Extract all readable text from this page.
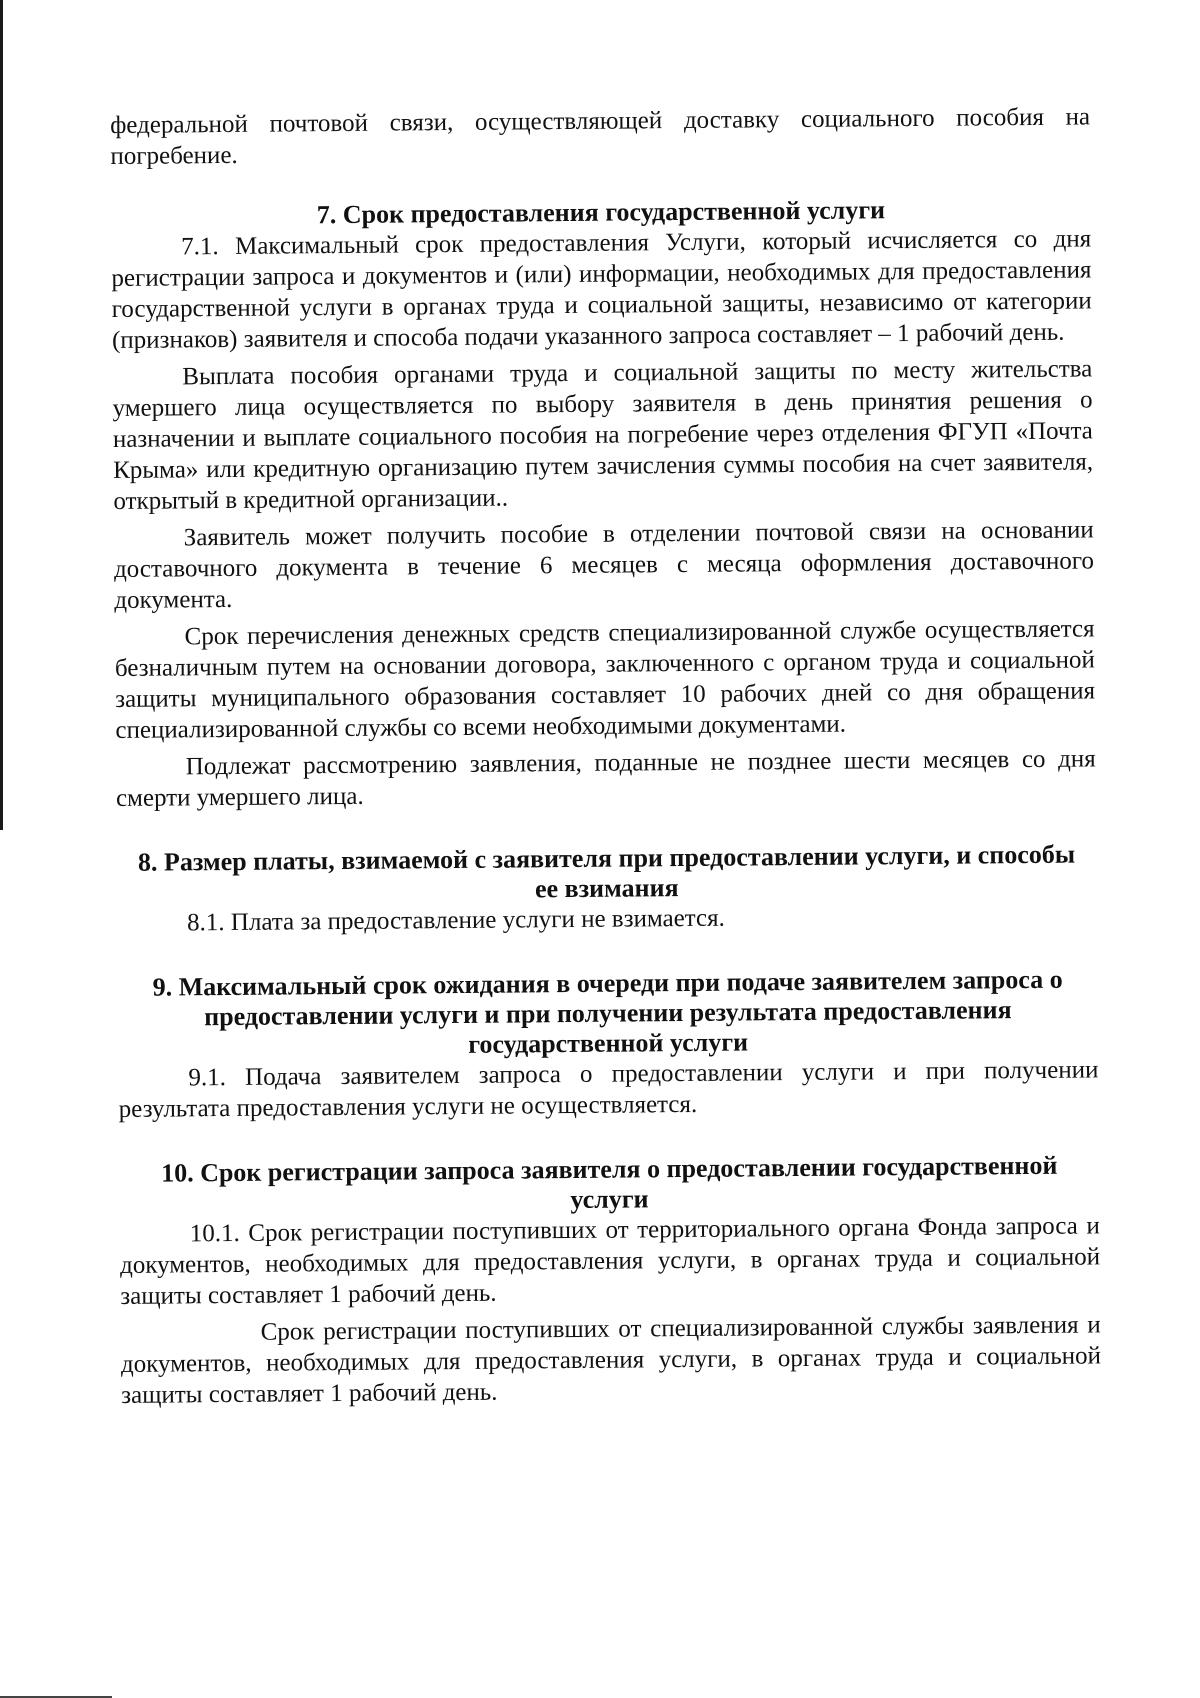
федеральной почтовой связи, осуществляющей доставку социального пособия на погребение.

7. Срок предоставления государственной услуги

7.1. Максимальный срок предоставления Услуги, который исчисляется со дня регистрации запроса и документов и (или) информации, необходимых для предоставления государственной услуги в органах труда и социальной защиты, независимо от категории (признаков) заявителя и способа подачи указанного запроса составляет – 1 рабочий день.

Выплата пособия органами труда и социальной защиты по месту жительства умершего лица осуществляется по выбору заявителя в день принятия решения о назначении и выплате социального пособия на погребение через отделения ФГУП «Почта Крыма» или кредитную организацию путем зачисления суммы пособия на счет заявителя, открытый в кредитной организации..

Заявитель может получить пособие в отделении почтовой связи на основании доставочного документа в течение 6 месяцев с месяца оформления доставочного документа.

Срок перечисления денежных средств специализированной службе осуществляется безналичным путем на основании договора, заключенного с органом труда и социальной защиты муниципального образования составляет 10 рабочих дней со дня обращения специализированной службы со всеми необходимыми документами.

Подлежат рассмотрению заявления, поданные не позднее шести месяцев со дня смерти умершего лица.

8. Размер платы, взимаемой с заявителя при предоставлении услуги, и способы ее взимания

8.1. Плата за предоставление услуги не взимается.

9. Максимальный срок ожидания в очереди при подаче заявителем запроса о предоставлении услуги и при получении результата предоставления государственной услуги

9.1. Подача заявителем запроса о предоставлении услуги и при получении результата предоставления услуги не осуществляется.

10. Срок регистрации запроса заявителя о предоставлении государственной услуги

10.1. Срок регистрации поступивших от территориального органа Фонда запроса и документов, необходимых для предоставления услуги, в органах труда и социальной защиты составляет 1 рабочий день.

Срок регистрации поступивших от специализированной службы заявления и документов, необходимых для предоставления услуги, в органах труда и социальной защиты составляет 1 рабочий день.
